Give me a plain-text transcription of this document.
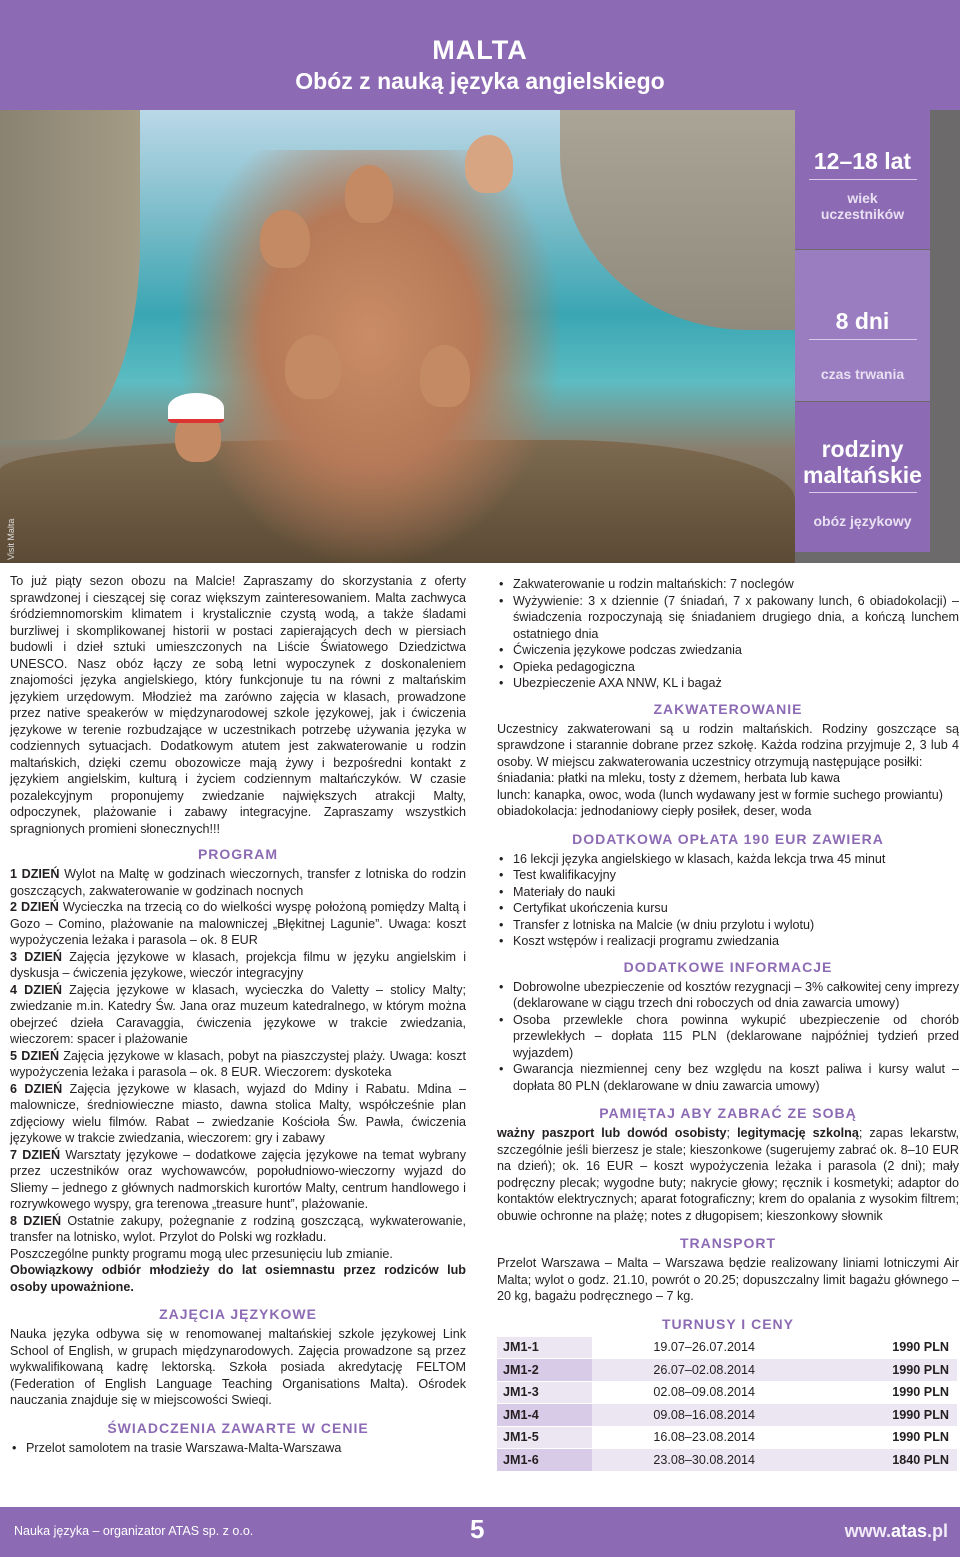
MALTA
Obóz z nauką języka angielskiego
Visit Malta
12–18 lat
wiek uczestników
8 dni
czas trwania
rodziny maltańskie
obóz językowy

To już piąty sezon obozu na Malcie! Zapraszamy do skorzystania z oferty sprawdzonej i cieszącej się coraz większym zainteresowaniem. Malta zachwyca śródziemnomorskim klimatem i krystalicznie czystą wodą, a także śladami burzliwej i skomplikowanej historii w postaci zapierających dech w piersiach budowli i dzieł sztuki umieszczonych na Liście Światowego Dziedzictwa UNESCO. Nasz obóz łączy ze sobą letni wypoczynek z doskonaleniem znajomości języka angielskiego, który funkcjonuje tu na równi z maltańskim językiem urzędowym. Młodzież ma zarówno zajęcia w klasach, prowadzone przez native speakerów w międzynarodowej szkole językowej, jak i ćwiczenia językowe w terenie rozbudzające w uczestnikach potrzebę używania języka w codziennych sytuacjach. Dodatkowym atutem jest zakwaterowanie u rodzin maltańskich, dzięki czemu obozowicze mają żywy i bezpośredni kontakt z językiem angielskim, kulturą i życiem codziennym maltańczyków. W czasie pozalekcyjnym proponujemy zwiedzanie największych atrakcji Malty, odpoczynek, plażowanie i zabawy integracyjne. Zapraszamy wszystkich spragnionych promieni słonecznych!!!

PROGRAM

1 DZIEŃ Wylot na Maltę w godzinach wieczornych, transfer z lotniska do rodzin goszczących, zakwaterowanie w godzinach nocnych

2 DZIEŃ Wycieczka na trzecią co do wielkości wyspę położoną pomiędzy Maltą i Gozo – Comino, plażowanie na malowniczej „Błękitnej Lagunie”. Uwaga: koszt wypożyczenia leżaka i parasola – ok. 8 EUR

3 DZIEŃ Zajęcia językowe w klasach, projekcja filmu w języku angielskim i dyskusja – ćwiczenia językowe, wieczór integracyjny

4 DZIEŃ Zajęcia językowe w klasach, wycieczka do Valetty – stolicy Malty; zwiedzanie m.in. Katedry Św. Jana oraz muzeum katedralnego, w którym można obejrzeć dzieła Caravaggia, ćwiczenia językowe w trakcie zwiedzania, wieczorem: spacer i plażowanie

5 DZIEŃ Zajęcia językowe w klasach, pobyt na piaszczystej plaży. Uwaga: koszt wypożyczenia leżaka i parasola – ok. 8 EUR. Wieczorem: dyskoteka

6 DZIEŃ Zajęcia językowe w klasach, wyjazd do Mdiny i Rabatu. Mdina – malownicze, średniowieczne miasto, dawna stolica Malty, współcześnie plan zdjęciowy wielu filmów. Rabat – zwiedzanie Kościoła Św. Pawła, ćwiczenia językowe w trakcie zwiedzania, wieczorem: gry i zabawy

7 DZIEŃ Warsztaty językowe – dodatkowe zajęcia językowe na temat wybrany przez uczestników oraz wychowawców, popołudniowo-wieczorny wyjazd do Sliemy – jednego z głównych nadmorskich kurortów Malty, centrum handlowego i rozrywkowego wyspy, gra terenowa „treasure hunt”, plażowanie.

8 DZIEŃ Ostatnie zakupy, pożegnanie z rodziną goszczącą, wykwaterowanie, transfer na lotnisko, wylot. Przylot do Polski wg rozkładu.

Poszczególne punkty programu mogą ulec przesunięciu lub zmianie.

Obowiązkowy odbiór młodzieży do lat osiemnastu przez rodziców lub osoby upoważnione.

ZAJĘCIA JĘZYKOWE

Nauka języka odbywa się w renomowanej maltańskiej szkole językowej Link School of English, w grupach międzynarodowych. Zajęcia prowadzone są przez wykwalifikowaną kadrę lektorską. Szkoła posiada akredytację FELTOM (Federation of English Language Teaching Organisations Malta). Ośrodek nauczania znajduje się w miejscowości Swieqi.

ŚWIADCZENIA ZAWARTE W CENIE
• Przelot samolotem na trasie Warszawa-Malta-Warszawa
• Zakwaterowanie u rodzin maltańskich: 7 noclegów
• Wyżywienie: 3 x dziennie (7 śniadań, 7 x pakowany lunch, 6 obiadokolacji) – świadczenia rozpoczynają się śniadaniem drugiego dnia, a kończą lunchem ostatniego dnia
• Ćwiczenia językowe podczas zwiedzania
• Opieka pedagogiczna
• Ubezpieczenie AXA NNW, KL i bagaż
ZAKWATEROWANIE

Uczestnicy zakwaterowani są u rodzin maltańskich. Rodziny goszczące są sprawdzone i starannie dobrane przez szkołę. Każda rodzina przyjmuje 2, 3 lub 4 osoby. W miejscu zakwaterowania uczestnicy otrzymują następujące posiłki:

śniadania: płatki na mleku, tosty z dżemem, herbata lub kawa

lunch: kanapka, owoc, woda (lunch wydawany jest w formie suchego prowiantu)

obiadokolacja: jednodaniowy ciepły posiłek, deser, woda

DODATKOWA OPŁATA 190 EUR ZAWIERA
• 16 lekcji języka angielskiego w klasach, każda lekcja trwa 45 minut
• Test kwalifikacyjny
• Materiały do nauki
• Certyfikat ukończenia kursu
• Transfer z lotniska na Malcie (w dniu przylotu i wylotu)
• Koszt wstępów i realizacji programu zwiedzania
DODATKOWE INFORMACJE
• Dobrowolne ubezpieczenie od kosztów rezygnacji – 3% całkowitej ceny imprezy (deklarowane w ciągu trzech dni roboczych od dnia zawarcia umowy)
• Osoba przewlekle chora powinna wykupić ubezpieczenie od chorób przewlekłych – dopłata 115 PLN (deklarowane najpóźniej tydzień przed wyjazdem)
• Gwarancja niezmiennej ceny bez względu na koszt paliwa i kursy walut – dopłata 80 PLN (deklarowane w dniu zawarcia umowy)
PAMIĘTAJ ABY ZABRAĆ ZE SOBĄ

ważny paszport lub dowód osobisty; legitymację szkolną; zapas lekarstw, szczególnie jeśli bierzesz je stale; kieszonkowe (sugerujemy zabrać ok. 8–10 EUR na dzień); ok. 16 EUR – koszt wypożyczenia leżaka i parasola (2 dni); mały podręczny plecak; wygodne buty; nakrycie głowy; ręcznik i kosmetyki; adaptor do kontaktów elektrycznych; aparat fotograficzny; krem do opalania z wysokim filtrem; obuwie ochronne na plażę; notes z długopisem; kieszonkowy słownik

TRANSPORT

Przelot Warszawa – Malta – Warszawa będzie realizowany liniami lotniczymi Air Malta; wylot o godz. 21.10, powrót o 20.25; dopuszczalny limit bagażu głównego – 20 kg, bagażu podręcznego – 7 kg.

TURNUSY I CENY
JM1-1	19.07–26.07.2014	1990 PLN
JM1-2	26.07–02.08.2014	1990 PLN
JM1-3	02.08–09.08.2014	1990 PLN
JM1-4	09.08–16.08.2014	1990 PLN
JM1-5	16.08–23.08.2014	1990 PLN
JM1-6	23.08–30.08.2014	1840 PLN
Nauka języka – organizator ATAS sp. z o.o.	5	www.atas.pl
